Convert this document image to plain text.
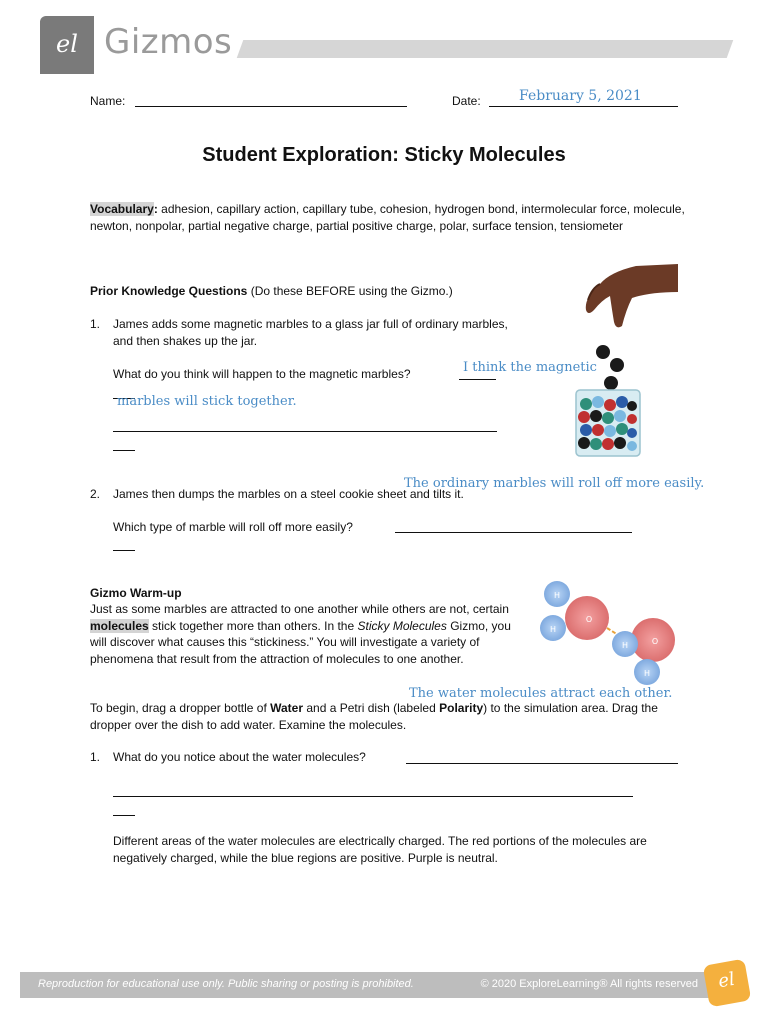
el Gizmos
Name:	Date:	February 5, 2021
Student Exploration: Sticky Molecules
Vocabulary: adhesion, capillary action, capillary tube, cohesion, hydrogen bond, intermolecular force, molecule, newton, nonpolar, partial negative charge, partial positive charge, polar, surface tension, tensiometer
Prior Knowledge Questions (Do these BEFORE using the Gizmo.)
1. James adds some magnetic marbles to a glass jar full of ordinary marbles, and then shakes up the jar.
What do you think will happen to the magnetic marbles?	I think the magnetic
marbles will stick together.
The ordinary marbles will roll off more easily.
2. James then dumps the marbles on a steel cookie sheet and tilts it.
Which type of marble will roll off more easily?
Gizmo Warm-up
Just as some marbles are attracted to one another while others are not, certain molecules stick together more than others. In the Sticky Molecules Gizmo, you will discover what causes this “stickiness.” You will investigate a variety of phenomena that result from the attraction of molecules to one another.
H
H
O
O
H
H
The water molecules attract each other.
To begin, drag a dropper bottle of Water and a Petri dish (labeled Polarity) to the simulation area. Drag the dropper over the dish to add water. Examine the molecules.
1. What do you notice about the water molecules?
Different areas of the water molecules are electrically charged. The red portions of the molecules are negatively charged, while the blue regions are positive. Purple is neutral.
Reproduction for educational use only. Public sharing or posting is prohibited.	© 2020 ExploreLearning® All rights reserved	el
